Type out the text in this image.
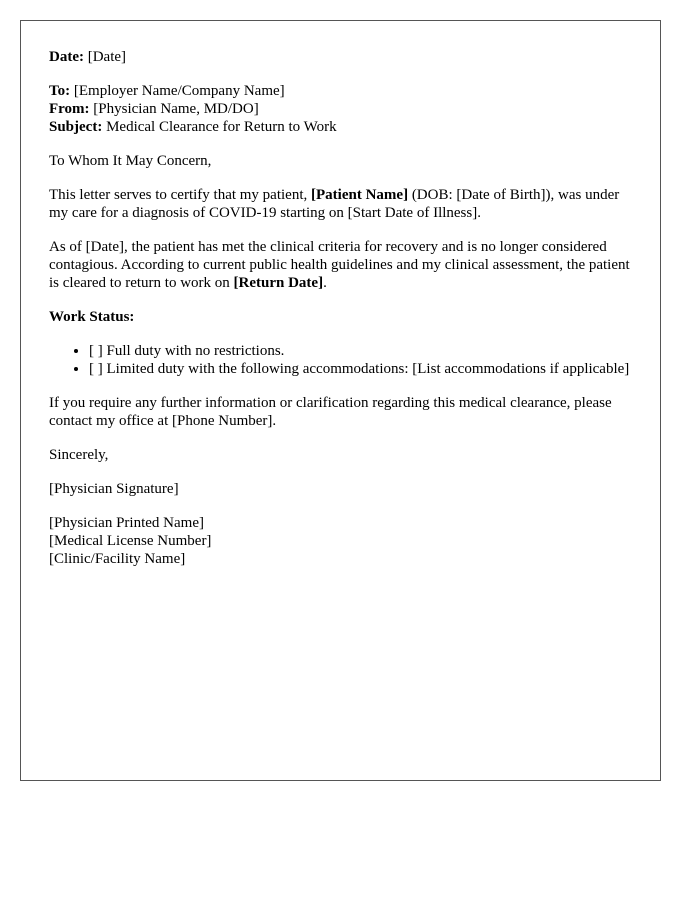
Date: [Date]

To: [Employer Name/Company Name]
From: [Physician Name, MD/DO]
Subject: Medical Clearance for Return to Work

To Whom It May Concern,

This letter serves to certify that my patient, [Patient Name] (DOB: [Date of Birth]), was under my care for a diagnosis of COVID-19 starting on [Start Date of Illness].

As of [Date], the patient has met the clinical criteria for recovery and is no longer considered contagious. According to current public health guidelines and my clinical assessment, the patient is cleared to return to work on [Return Date].

Work Status:

• [ ] Full duty with no restrictions.
• [ ] Limited duty with the following accommodations: [List accommodations if applicable]

If you require any further information or clarification regarding this medical clearance, please contact my office at [Phone Number].

Sincerely,

[Physician Signature]

[Physician Printed Name]
[Medical License Number]
[Clinic/Facility Name]
